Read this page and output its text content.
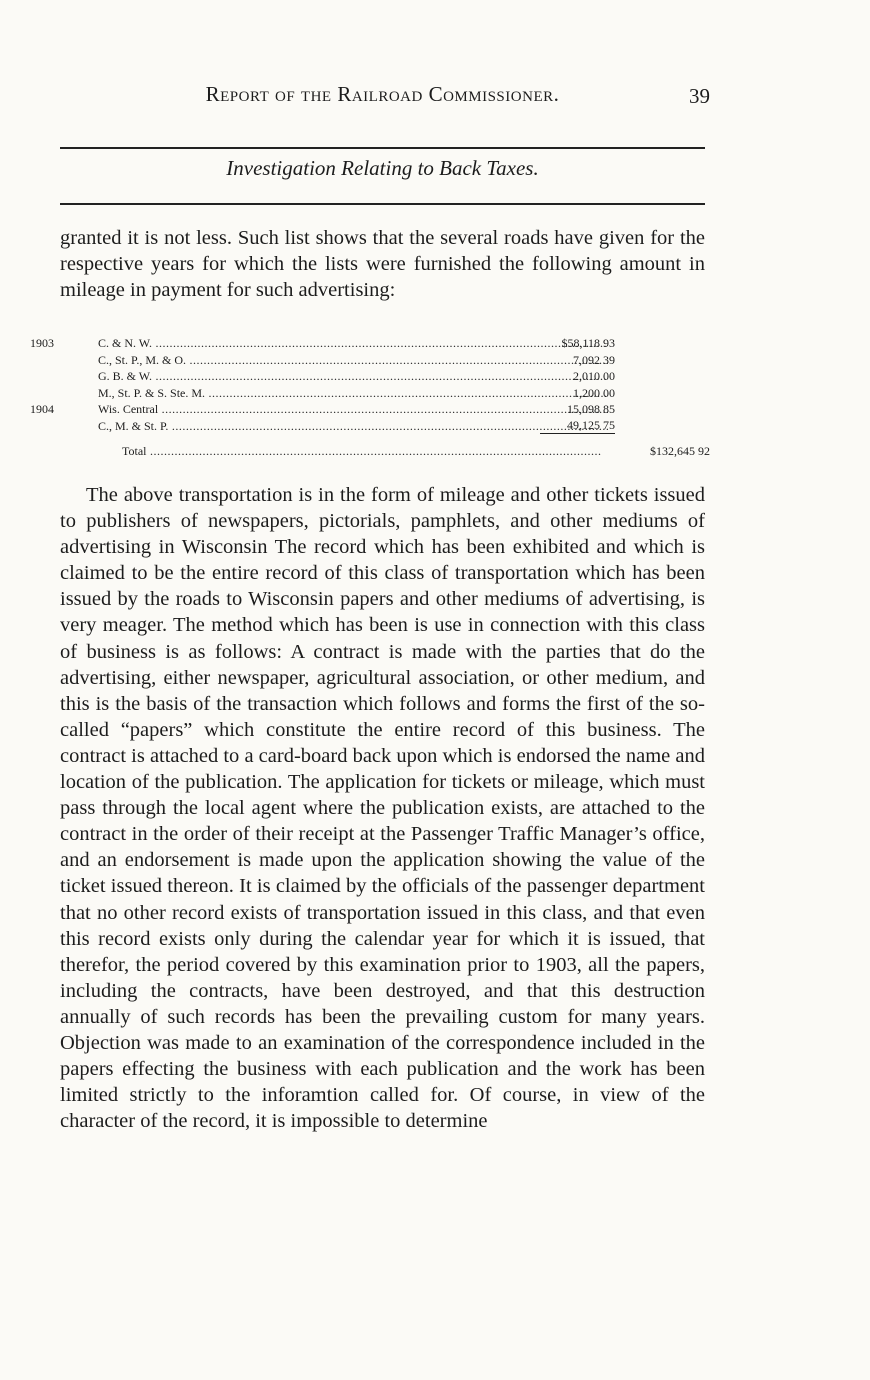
Report of the Railroad Commissioner.	39
Investigation Relating to Back Taxes.
granted it is not less. Such list shows that the several roads have given for the respective years for which the lists were furnished the following amount in mileage in payment for such advertising:
1903	C. & N. W. .....	$58,118 93
C., St. P., M. & O. .....	7,092 39
G. B. & W. .....	2,010 00
M., St. P. & S. Ste. M. .....	1,200 00
1904	Wis. Central .....	15,098 85
C., M. & St. P. .....	49,125 75
Total .....	$132,645 92

The above transportation is in the form of mileage and other tickets issued to publishers of newspapers, pictorials, pamphlets, and other mediums of advertising in Wisconsin The record which has been exhibited and which is claimed to be the entire record of this class of transportation which has been issued by the roads to Wisconsin papers and other mediums of advertising, is very meager. The method which has been is use in connection with this class of business is as follows: A contract is made with the parties that do the advertising, either newspaper, agricultural association, or other medium, and this is the basis of the transaction which follows and forms the first of the so-called “papers” which constitute the entire record of this business. The contract is attached to a card-board back upon which is endorsed the name and location of the publication. The application for tickets or mileage, which must pass through the local agent where the publication exists, are attached to the contract in the order of their receipt at the Passenger Traffic Manager’s office, and an endorsement is made upon the application showing the value of the ticket issued thereon. It is claimed by the officials of the passenger department that no other record exists of transportation issued in this class, and that even this record exists only during the calendar year for which it is issued, that therefor, the period covered by this examination prior to 1903, all the papers, including the contracts, have been destroyed, and that this destruction annually of such records has been the prevailing custom for many years. Objection was made to an examination of the correspondence included in the papers effecting the business with each publication and the work has been limited strictly to the inforamtion called for. Of course, in view of the character of the record, it is impossible to determine
